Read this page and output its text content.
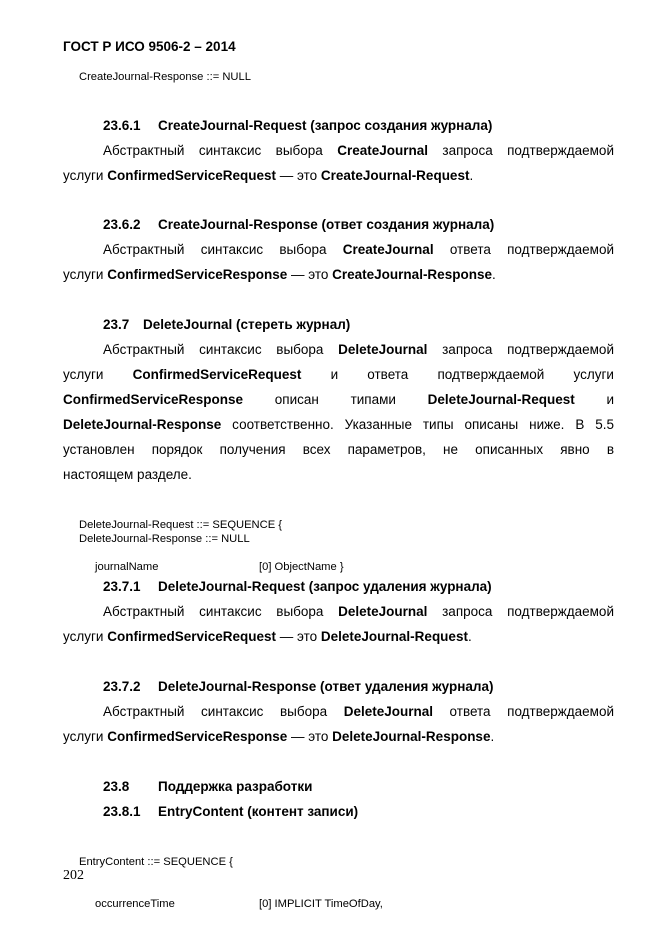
ГОСТ Р ИСО 9506-2 – 2014
CreateJournal-Response ::= NULL
23.6.1 CreateJournal-Request (запрос создания журнала)
Абстрактный синтаксис выбора CreateJournal запроса подтверждаемой
услуги ConfirmedServiceRequest — это CreateJournal-Request.
23.6.2 CreateJournal-Response (ответ создания журнала)
Абстрактный синтаксис выбора CreateJournal ответа подтверждаемой
услуги ConfirmedServiceResponse — это CreateJournal-Response.
23.7 DeleteJournal (стереть журнал)
Абстрактный синтаксис выбора DeleteJournal запроса подтверждаемой
услуги ConfirmedServiceRequest и ответа подтверждаемой услуги
ConfirmedServiceResponse описан типами DeleteJournal-Request и
DeleteJournal-Response соответственно. Указанные типы описаны ниже. В 5.5
установлен порядок получения всех параметров, не описанных явно в
настоящем разделе.

DeleteJournal-Request ::= SEQUENCE {

journalName	[0] ObjectName }

DeleteJournal-Response ::= NULL
23.7.1 DeleteJournal-Request (запрос удаления журнала)
Абстрактный синтаксис выбора DeleteJournal запроса подтверждаемой
услуги ConfirmedServiceRequest — это DeleteJournal-Request.
23.7.2 DeleteJournal-Response (ответ удаления журнала)
Абстрактный синтаксис выбора DeleteJournal ответа подтверждаемой
услуги ConfirmedServiceResponse — это DeleteJournal-Response.
23.8 Поддержка разработки
23.8.1 EntryContent (контент записи)

EntryContent ::= SEQUENCE {

occurrenceTime	[0] IMPLICIT TimeOfDay,

202
